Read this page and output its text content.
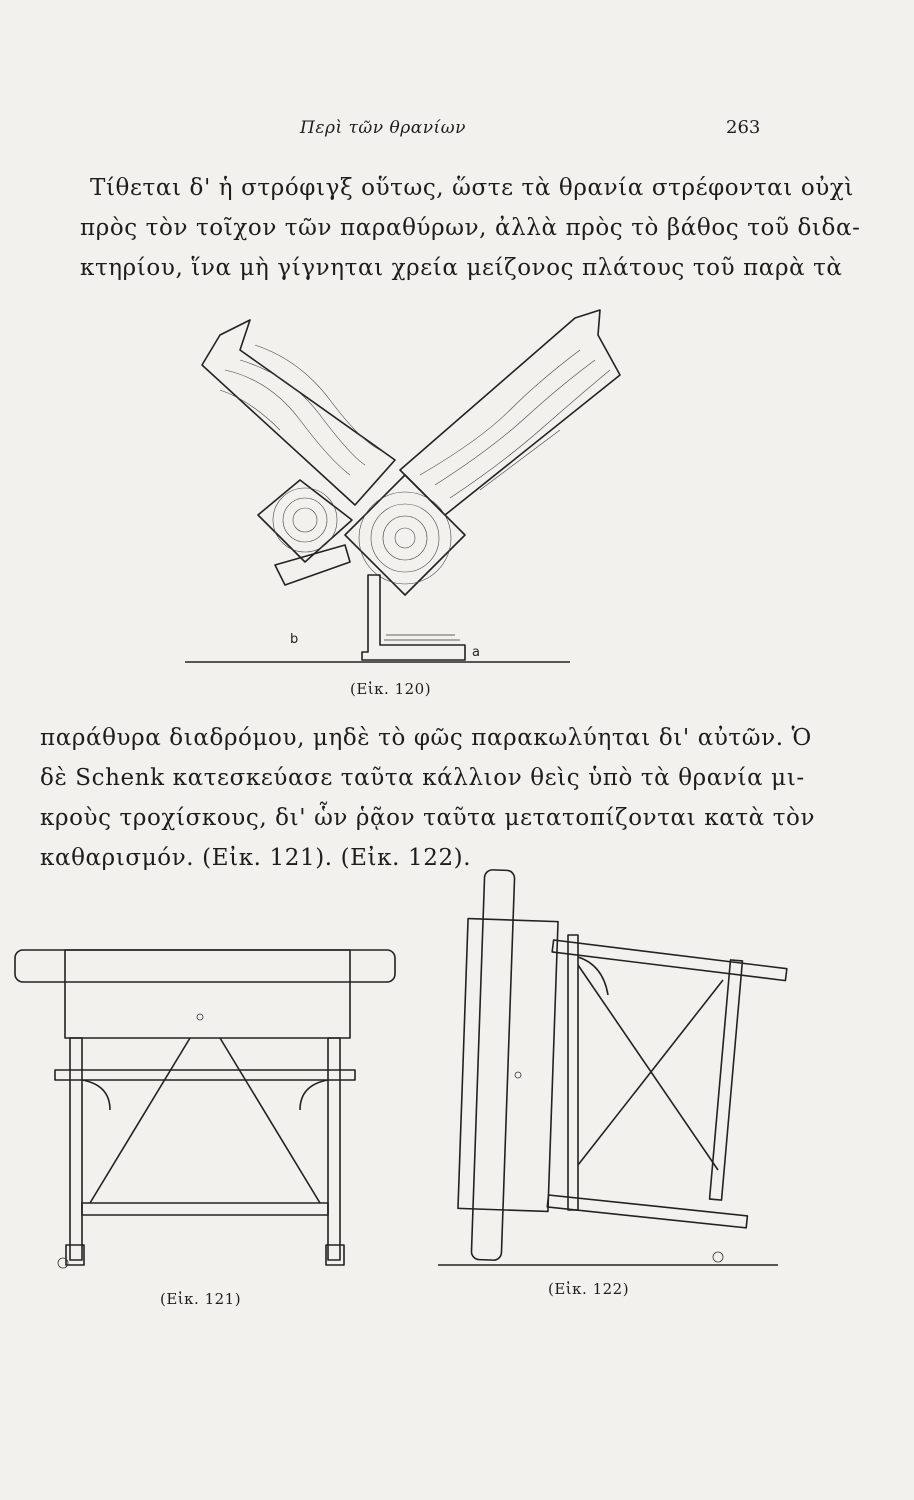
Περὶ τῶν θρανίων	263
Τίθεται δ' ἡ στρόφιγξ οὕτως, ὥστε τὰ θρανία στρέφονται οὐχὶ
πρὸς τὸν τοῖχον τῶν παραθύρων, ἀλλὰ πρὸς τὸ βάθος τοῦ διδα-
κτηρίου, ἵνα μὴ γίγνηται χρεία μείζονος πλάτους τοῦ παρὰ τὰ
b
a
(Εἰκ. 120)
παράθυρα διαδρόμου, μηδὲ τὸ φῶς παρακωλύηται δι' αὐτῶν. Ὁ
δὲ Schenk κατεσκεύασε ταῦτα κάλλιον θεὶς ὑπὸ τὰ θρανία μι-
κροὺς τροχίσκους, δι' ὧν ῥᾷον ταῦτα μετατοπίζονται κατὰ τὸν
καθαρισμόν. (Εἰκ. 121). (Εἰκ. 122).
(Εἰκ. 121)
(Εἰκ. 122)
